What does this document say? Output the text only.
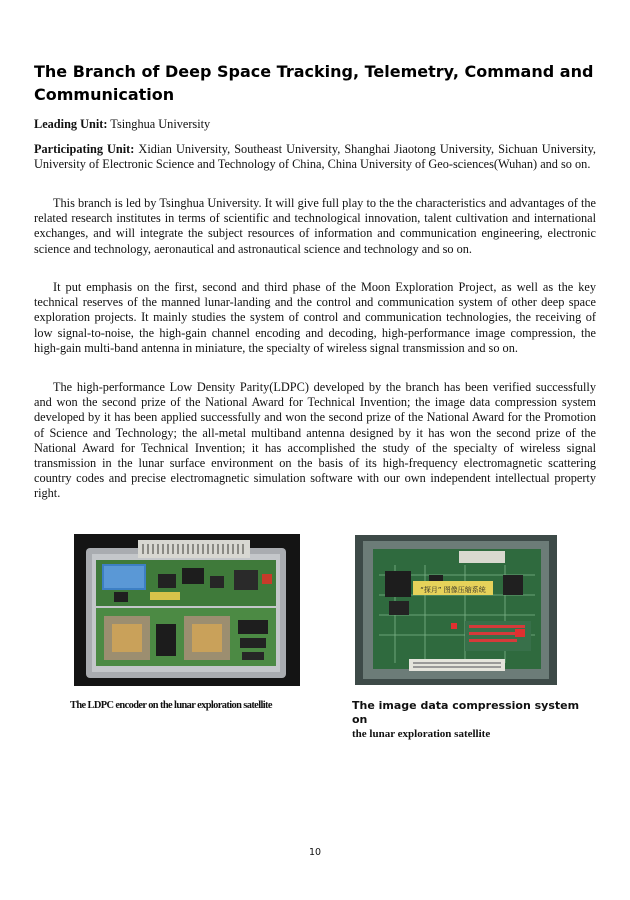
The Branch of Deep Space Tracking, Telemetry, Command and Communication

Leading Unit: Tsinghua University

Participating Unit: Xidian University, Southeast University, Shanghai Jiaotong University, Sichuan University, University of Electronic Science and Technology of China, China University of Geo-sciences(Wuhan) and so on.

This branch is led by Tsinghua University. It will give full play to the the characteristics and advantages of the related research institutes in terms of scientific and technological innovation, talent cultivation and international exchanges, and will integrate the subject resources of information and communication engineering, electronic science and technology, aeronautical and astronautical science and technology and so on.

It put emphasis on the first, second and third phase of the Moon Exploration Project, as well as the key technical reserves of the manned lunar-landing and the control and communication system of other deep space exploration projects. It mainly studies the system of control and communication technologies, the receiving of low signal-to-noise, the high-gain channel encoding and decoding, high-performance image compression, the high-gain multi-band antenna in miniature, the specialty of wireless signal transmission and so on.

The high-performance Low Density Parity(LDPC) developed by the branch has been verified successfully and won the second prize of the National Award for Technical Invention; the image data compression system developed by it has been applied successfully and won the second prize of the National Award for the Promotion of Science and Technology; the all-metal multiband antenna designed by it has won the second prize of the National Award for Technical Invention; it has accomplished the study of the specialty of wireless signal transmission in the lunar surface environment on the basis of its high-frequency electromagnetic scattering country codes and precise electromagnetic simulation software with our own independent intellectual property right.

“探月” 图像压缩系统

The LDPC encoder on the lunar exploration satellite	The image data compression system on
the lunar exploration satellite

10
